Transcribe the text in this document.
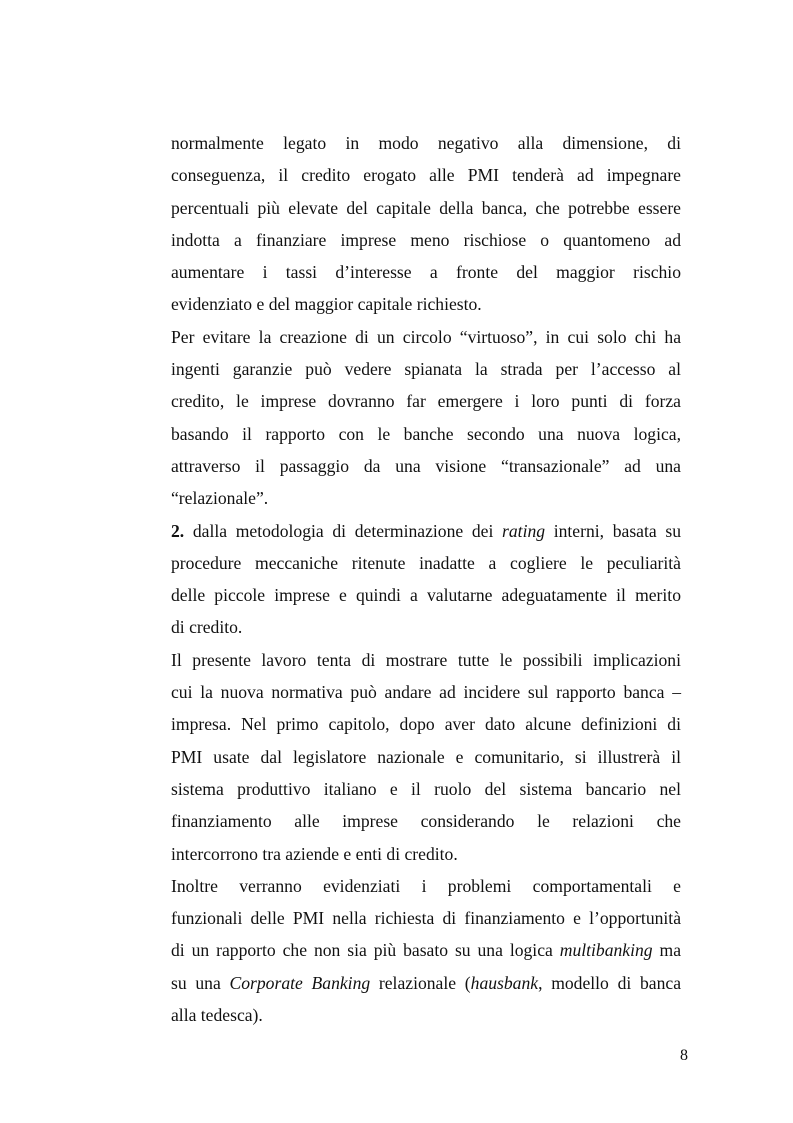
normalmente legato in modo negativo alla dimensione, di
conseguenza, il credito erogato alle PMI tenderà ad impegnare
percentuali più elevate del capitale della banca, che potrebbe essere
indotta a finanziare imprese meno rischiose o quantomeno ad
aumentare i tassi d’interesse a fronte del maggior rischio
evidenziato e del maggior capitale richiesto.
Per evitare la creazione di un circolo “virtuoso”, in cui solo chi ha
ingenti garanzie può vedere spianata la strada per l’accesso al
credito, le imprese dovranno far emergere i loro punti di forza
basando il rapporto con le banche secondo una nuova logica,
attraverso il passaggio da una visione “transazionale” ad una
“relazionale”.
2. dalla metodologia di determinazione dei rating interni, basata su
procedure meccaniche ritenute inadatte a cogliere le peculiarità
delle piccole imprese e quindi a valutarne adeguatamente il merito
di credito.
Il presente lavoro tenta di mostrare tutte le possibili implicazioni
cui la nuova normativa può andare ad incidere sul rapporto banca –
impresa. Nel primo capitolo, dopo aver dato alcune definizioni di
PMI usate dal legislatore nazionale e comunitario, si illustrerà il
sistema produttivo italiano e il ruolo del sistema bancario nel
finanziamento alle imprese considerando le relazioni che
intercorrono tra aziende e enti di credito.
Inoltre verranno evidenziati i problemi comportamentali e
funzionali delle PMI nella richiesta di finanziamento e l’opportunità
di un rapporto che non sia più basato su una logica multibanking ma
su una Corporate Banking relazionale (hausbank, modello di banca
alla tedesca).
8
